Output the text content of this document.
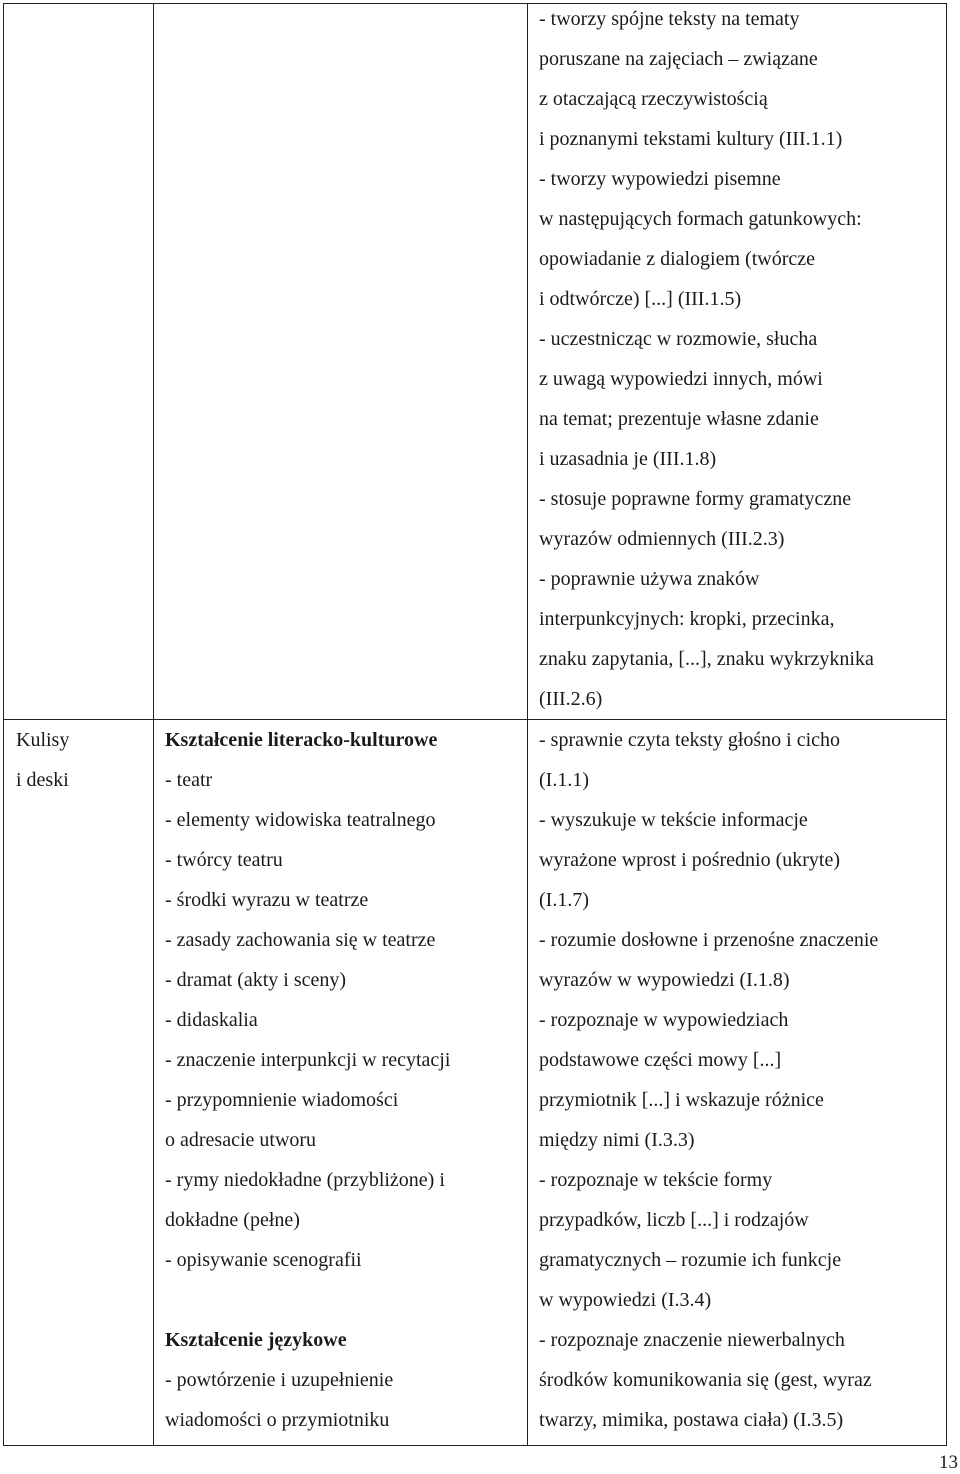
- tworzy spójne teksty na tematy
poruszane na zajęciach – związane
z otaczającą rzeczywistością
i poznanymi tekstami kultury (III.1.1)
- tworzy wypowiedzi pisemne
w następujących formach gatunkowych:
opowiadanie z dialogiem (twórcze
i odtwórcze) [...] (III.1.5)
- uczestnicząc w rozmowie, słucha
z uwagą wypowiedzi innych, mówi
na temat; prezentuje własne zdanie
i uzasadnia je (III.1.8)
- stosuje poprawne formy gramatyczne
wyrazów odmiennych (III.2.3)
- poprawnie używa znaków
interpunkcyjnych: kropki, przecinka,
znaku zapytania, [...], znaku wykrzyknika
(III.2.6)
Kulisy
i deski
Kształcenie literacko-kulturowe
- teatr
- elementy widowiska teatralnego
- twórcy teatru
- środki wyrazu w teatrze
- zasady zachowania się w teatrze
- dramat (akty i sceny)
- didaskalia
- znaczenie interpunkcji w recytacji
- przypomnienie wiadomości
o adresacie utworu
- rymy niedokładne (przybliżone) i
dokładne (pełne)
- opisywanie scenografii
Kształcenie językowe
- powtórzenie i uzupełnienie
wiadomości o przymiotniku
- sprawnie czyta teksty głośno i cicho
(I.1.1)
- wyszukuje w tekście informacje
wyrażone wprost i pośrednio (ukryte)
(I.1.7)
- rozumie dosłowne i przenośne znaczenie
wyrazów w wypowiedzi (I.1.8)
- rozpoznaje w wypowiedziach
podstawowe części mowy [...]
przymiotnik [...] i wskazuje różnice
między nimi (I.3.3)
- rozpoznaje w tekście formy
przypadków, liczb [...] i rodzajów
gramatycznych – rozumie ich funkcje
w wypowiedzi (I.3.4)
- rozpoznaje znaczenie niewerbalnych
środków komunikowania się (gest, wyraz
twarzy, mimika, postawa ciała) (I.3.5)
13
